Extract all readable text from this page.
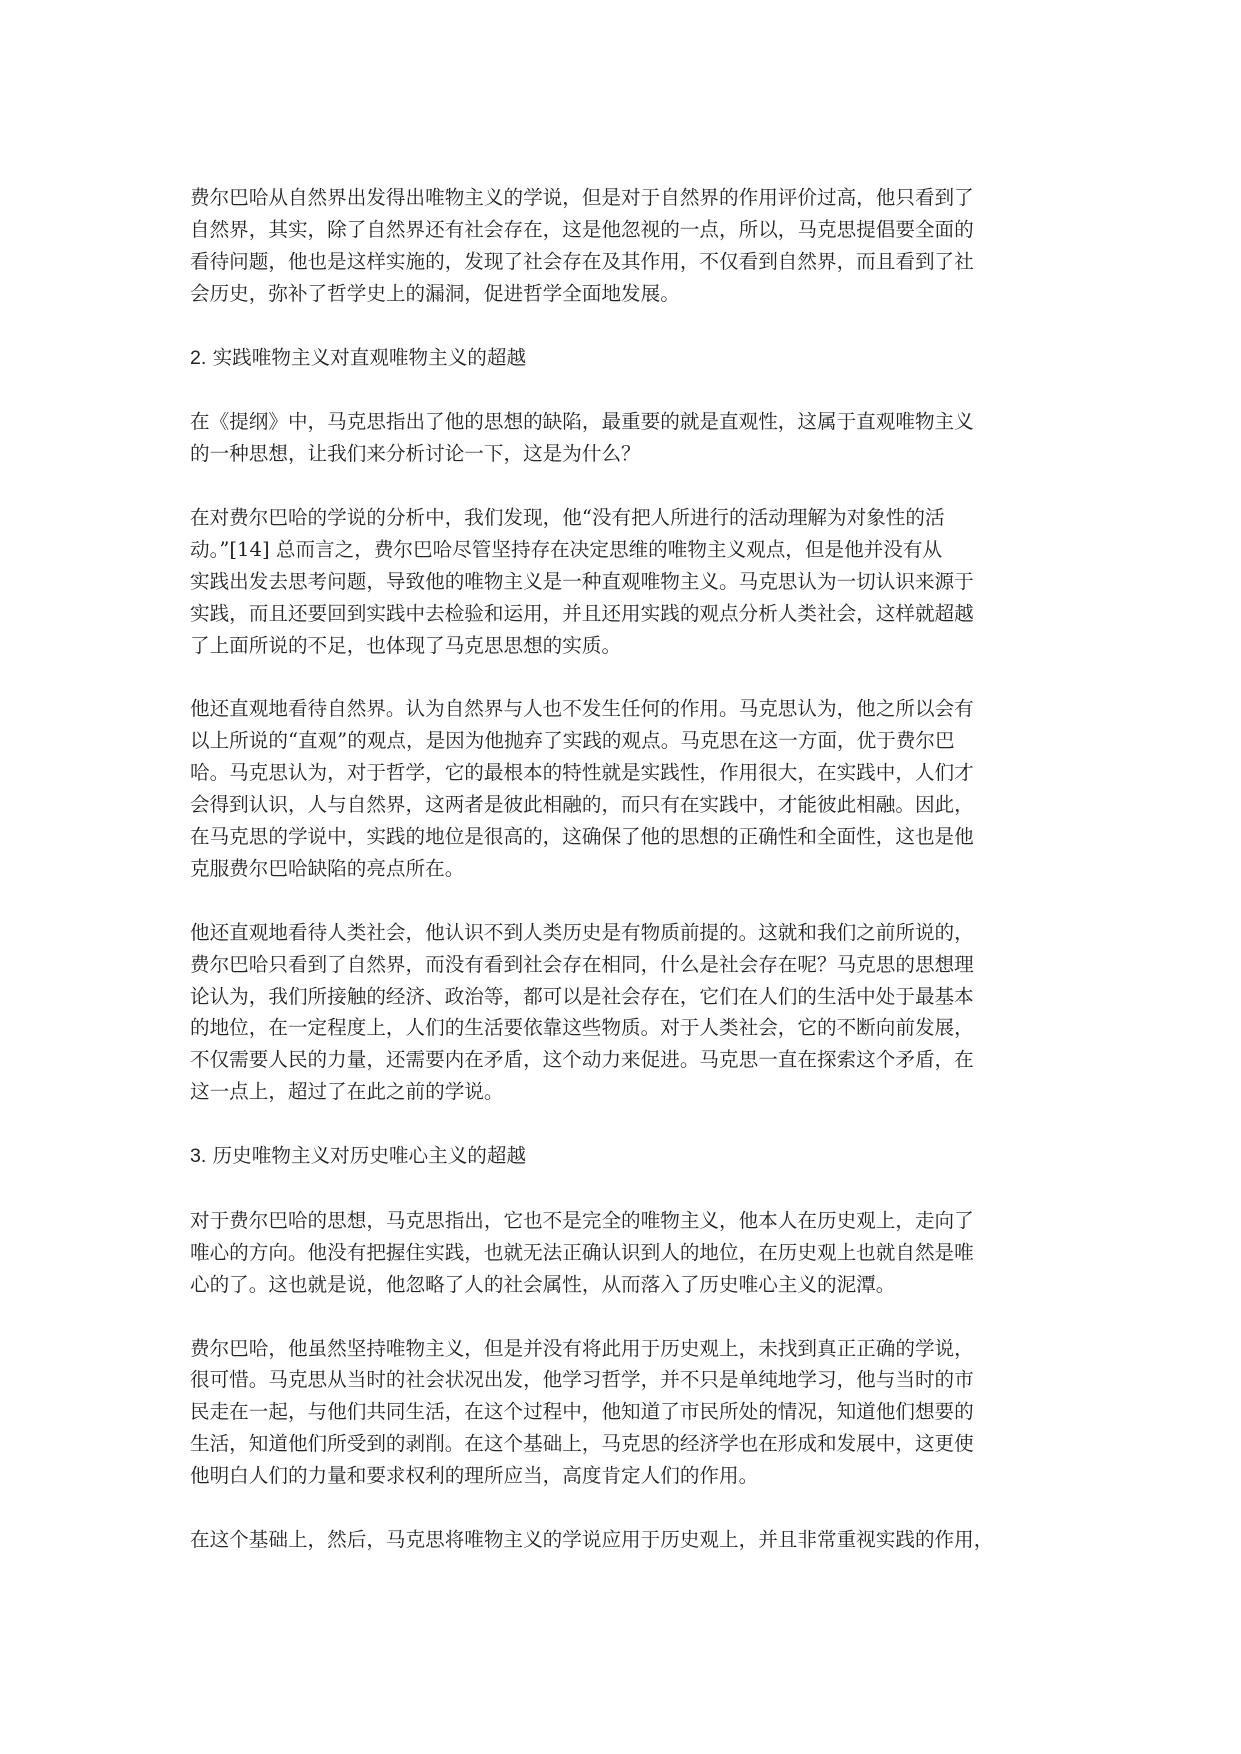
费尔巴哈从自然界出发得出唯物主义的学说，但是对于自然界的作用评价过高，他只看到了
自然界，其实，除了自然界还有社会存在，这是他忽视的一点，所以，马克思提倡要全面的
看待问题，他也是这样实施的，发现了社会存在及其作用，不仅看到自然界，而且看到了社
会历史，弥补了哲学史上的漏洞，促进哲学全面地发展。

2. 实践唯物主义对直观唯物主义的超越

在《提纲》中，马克思指出了他的思想的缺陷，最重要的就是直观性，这属于直观唯物主义
的一种思想，让我们来分析讨论一下，这是为什么？

在对费尔巴哈的学说的分析中，我们发现，他“没有把人所进行的活动理解为对象性的活
动。”[14] 总而言之，费尔巴哈尽管坚持存在决定思维的唯物主义观点，但是他并没有从
实践出发去思考问题，导致他的唯物主义是一种直观唯物主义。马克思认为一切认识来源于
实践，而且还要回到实践中去检验和运用，并且还用实践的观点分析人类社会，这样就超越
了上面所说的不足，也体现了马克思思想的实质。

他还直观地看待自然界。认为自然界与人也不发生任何的作用。马克思认为，他之所以会有
以上所说的“直观”的观点，是因为他抛弃了实践的观点。马克思在这一方面，优于费尔巴
哈。马克思认为，对于哲学，它的最根本的特性就是实践性，作用很大，在实践中，人们才
会得到认识，人与自然界，这两者是彼此相融的，而只有在实践中，才能彼此相融。因此，
在马克思的学说中，实践的地位是很高的，这确保了他的思想的正确性和全面性，这也是他
克服费尔巴哈缺陷的亮点所在。

他还直观地看待人类社会，他认识不到人类历史是有物质前提的。这就和我们之前所说的，
费尔巴哈只看到了自然界，而没有看到社会存在相同，什么是社会存在呢？马克思的思想理
论认为，我们所接触的经济、政治等，都可以是社会存在，它们在人们的生活中处于最基本
的地位，在一定程度上，人们的生活要依靠这些物质。对于人类社会，它的不断向前发展，
不仅需要人民的力量，还需要内在矛盾，这个动力来促进。马克思一直在探索这个矛盾，在
这一点上，超过了在此之前的学说。

3. 历史唯物主义对历史唯心主义的超越

对于费尔巴哈的思想，马克思指出，它也不是完全的唯物主义，他本人在历史观上，走向了
唯心的方向。他没有把握住实践，也就无法正确认识到人的地位，在历史观上也就自然是唯
心的了。这也就是说，他忽略了人的社会属性，从而落入了历史唯心主义的泥潭。

费尔巴哈，他虽然坚持唯物主义，但是并没有将此用于历史观上，未找到真正正确的学说，
很可惜。马克思从当时的社会状况出发，他学习哲学，并不只是单纯地学习，他与当时的市
民走在一起，与他们共同生活，在这个过程中，他知道了市民所处的情况，知道他们想要的
生活，知道他们所受到的剥削。在这个基础上，马克思的经济学也在形成和发展中，这更使
他明白人们的力量和要求权利的理所应当，高度肯定人们的作用。

在这个基础上，然后，马克思将唯物主义的学说应用于历史观上，并且非常重视实践的作用，
